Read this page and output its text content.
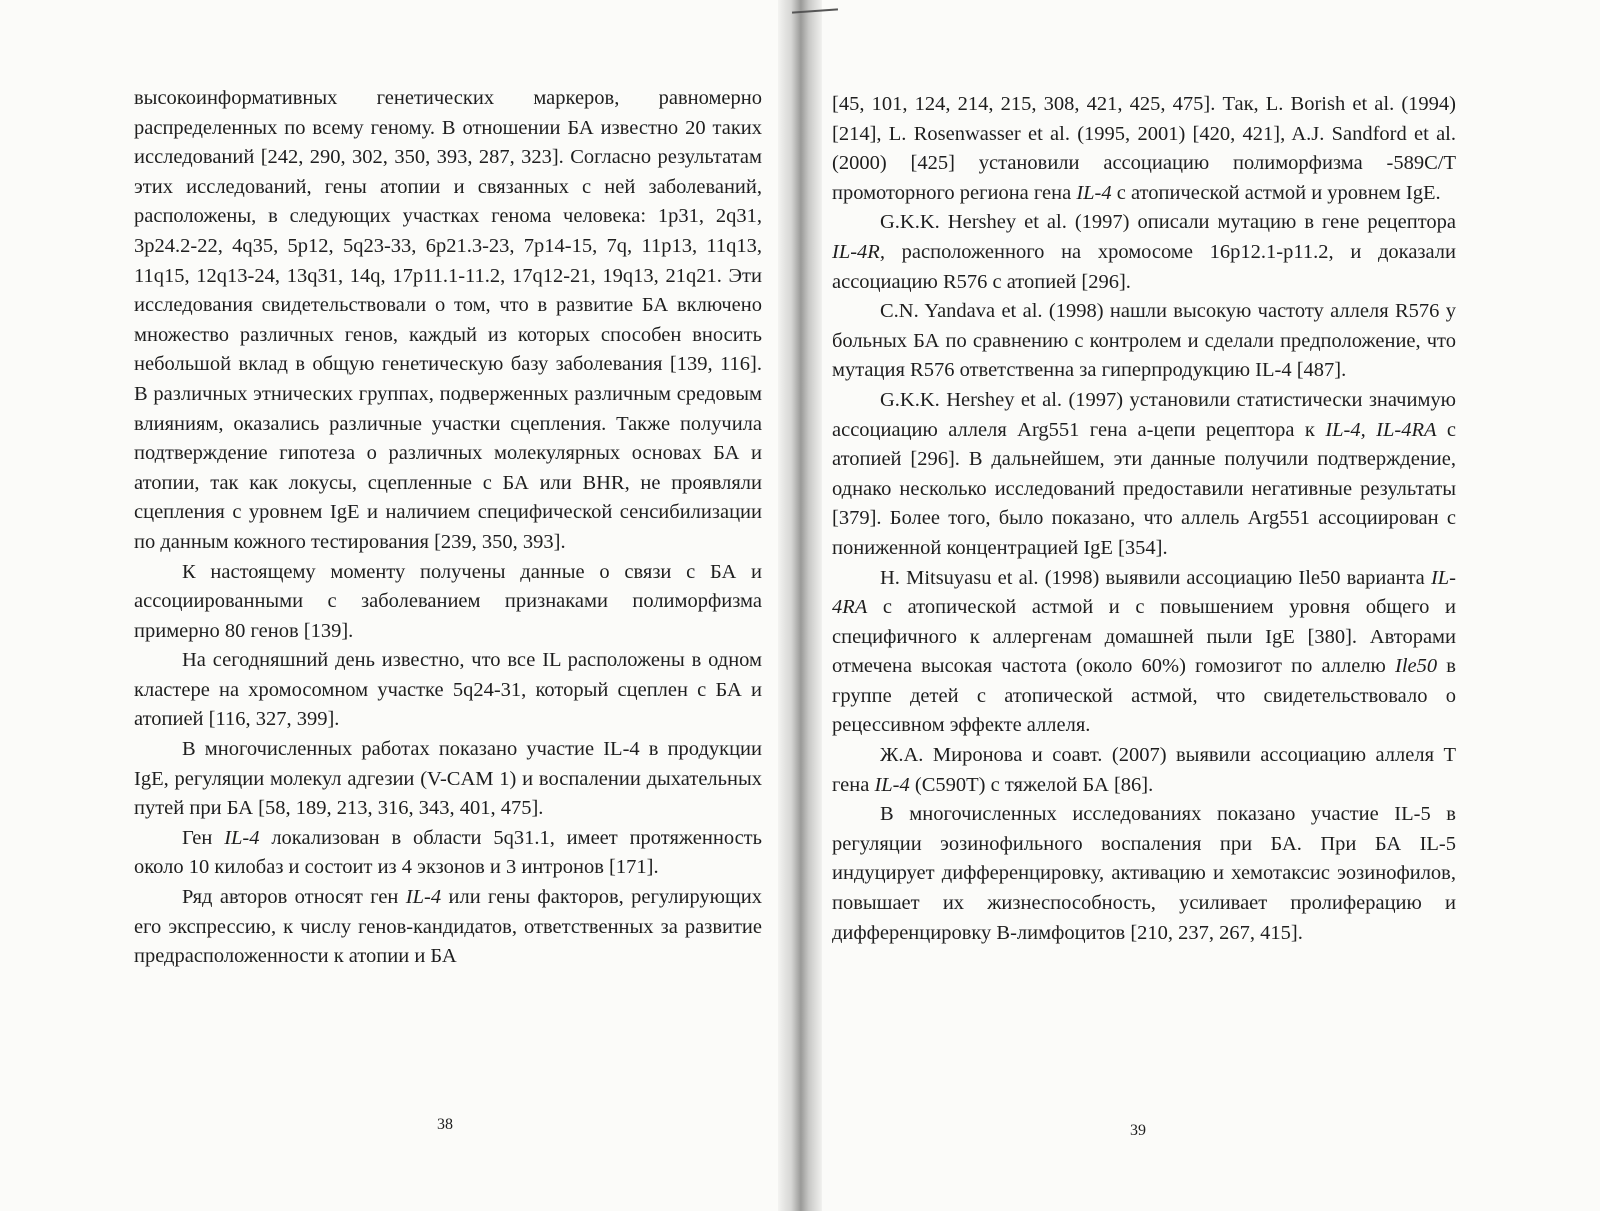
высокоинформативных генетических маркеров, равномерно распределенных по всему геному. В отношении БА известно 20 таких исследований [242, 290, 302, 350, 393, 287, 323]. Согласно результатам этих исследований, гены атопии и связанных с ней заболеваний, расположены, в следующих участках генома человека: 1p31, 2q31, 3p24.2-22, 4q35, 5p12, 5q23-33, 6p21.3-23, 7p14-15, 7q, 11p13, 11q13, 11q15, 12q13-24, 13q31, 14q, 17p11.1-11.2, 17q12-21, 19q13, 21q21. Эти исследования свидетельствовали о том, что в развитие БА включено множество различных генов, каждый из которых способен вносить небольшой вклад в общую генетическую базу заболевания [139, 116]. В различных этнических группах, подверженных различным средовым влияниям, оказались различные участки сцепления. Также получила подтверждение гипотеза о различных молекулярных основах БА и атопии, так как локусы, сцепленные с БА или BHR, не проявляли сцепления с уровнем IgE и наличием специфической сенсибилизации по данным кожного тестирования [239, 350, 393].

К настоящему моменту получены данные о связи с БА и ассоциированными с заболеванием признаками полиморфизма примерно 80 генов [139].

На сегодняшний день известно, что все IL расположены в одном кластере на хромосомном участке 5q24-31, который сцеплен с БА и атопией [116, 327, 399].

В многочисленных работах показано участие IL-4 в продукции IgE, регуляции молекул адгезии (V-CAM 1) и воспалении дыхательных путей при БА [58, 189, 213, 316, 343, 401, 475].

Ген IL-4 локализован в области 5q31.1, имеет протяженность около 10 килобаз и состоит из 4 экзонов и 3 интронов [171].

Ряд авторов относят ген IL-4 или гены факторов, регулирующих его экспрессию, к числу генов-кандидатов, ответственных за развитие предрасположенности к атопии и БА

38

[45, 101, 124, 214, 215, 308, 421, 425, 475]. Так, L. Borish et al. (1994) [214], L. Rosenwasser et al. (1995, 2001) [420, 421], A.J. Sandford et al. (2000) [425] установили ассоциацию полиморфизма -589C/T промоторного региона гена IL-4 с атопической астмой и уровнем IgE.

G.K.K. Hershey et al. (1997) описали мутацию в гене рецептора IL-4R, расположенного на хромосоме 16p12.1-p11.2, и доказали ассоциацию R576 с атопией [296].

C.N. Yandava et al. (1998) нашли высокую частоту аллеля R576 у больных БА по сравнению с контролем и сделали предположение, что мутация R576 ответственна за гиперпродукцию IL-4 [487].

G.K.K. Hershey et al. (1997) установили статистически значимую ассоциацию аллеля Arg551 гена a-цепи рецептора к IL-4, IL-4RA с атопией [296]. В дальнейшем, эти данные получили подтверждение, однако несколько исследований предоставили негативные результаты [379]. Более того, было показано, что аллель Arg551 ассоциирован с пониженной концентрацией IgE [354].

H. Mitsuyasu et al. (1998) выявили ассоциацию Ile50 варианта IL-4RA с атопической астмой и с повышением уровня общего и специфичного к аллергенам домашней пыли IgE [380]. Авторами отмечена высокая частота (около 60%) гомозигот по аллелю Ile50 в группе детей с атопической астмой, что свидетельствовало о рецессивном эффекте аллеля.

Ж.А. Миронова и соавт. (2007) выявили ассоциацию аллеля T гена IL-4 (C590T) с тяжелой БА [86].

В многочисленных исследованиях показано участие IL-5 в регуляции эозинофильного воспаления при БА. При БА IL-5 индуцирует дифференцировку, активацию и хемотаксис эозинофилов, повышает их жизнеспособность, усиливает пролиферацию и дифференцировку B-лимфоцитов [210, 237, 267, 415].

39
